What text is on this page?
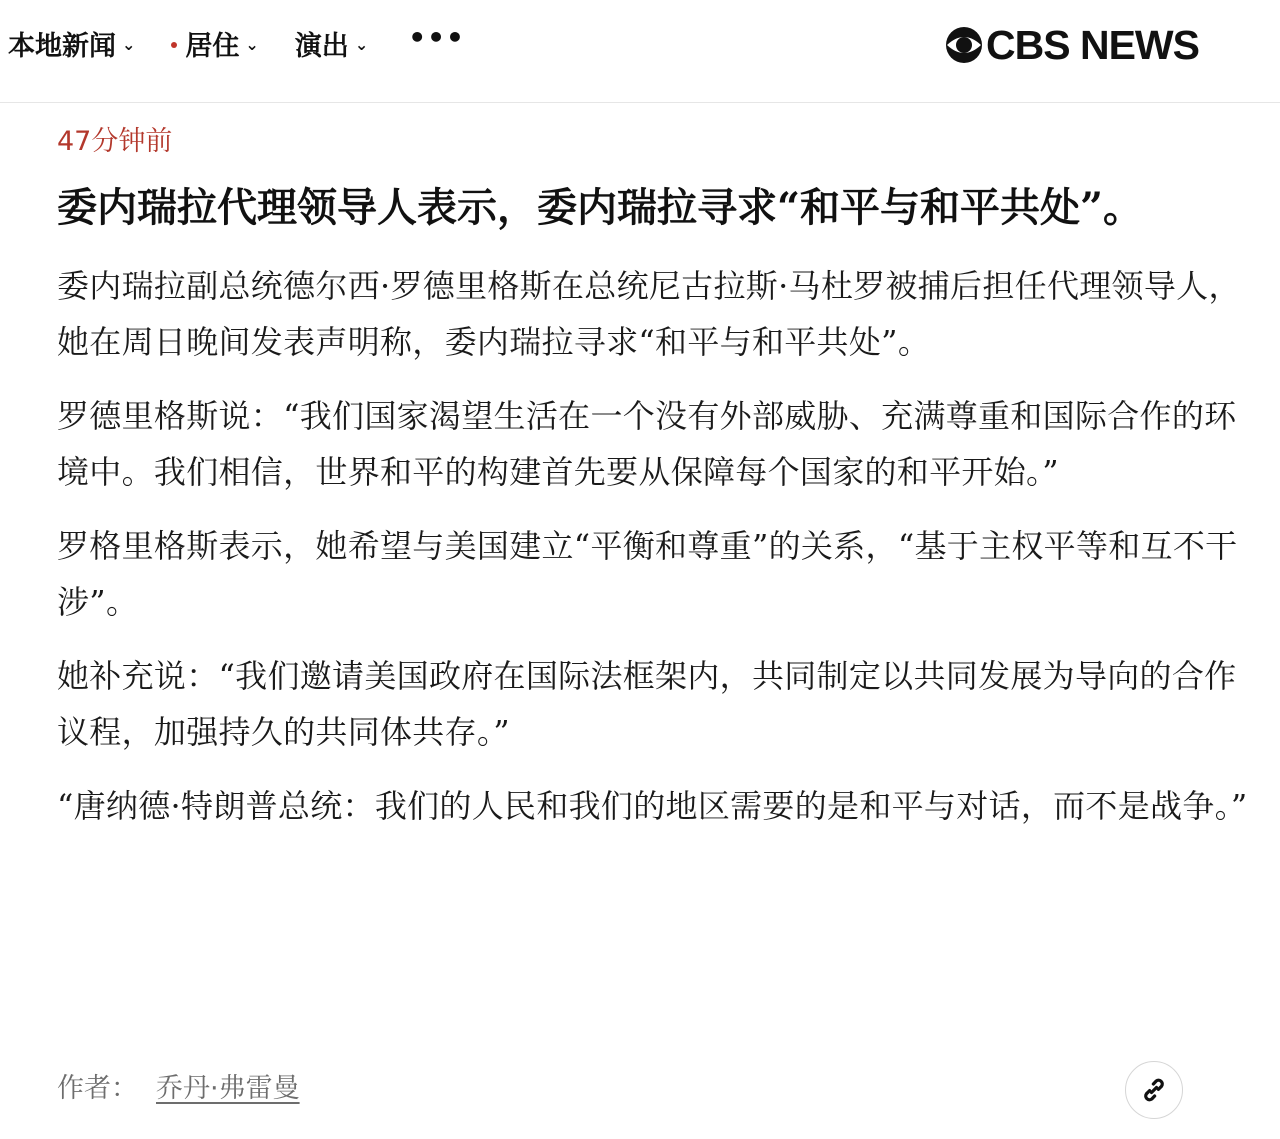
本地新闻 ⌄ 居住 ⌄ 演出 ⌄ •••	CBS NEWS

47分钟前

委内瑞拉代理领导人表示，委内瑞拉寻求“和平与和平共处”。

委内瑞拉副总统德尔西·罗德里格斯在总统尼古拉斯·马杜罗被捕后担任代理领导人，她在周日晚间发表声明称，委内瑞拉寻求“和平与和平共处”。

罗德里格斯说：“我们国家渴望生活在一个没有外部威胁、充满尊重和国际合作的环境中。我们相信，世界和平的构建首先要从保障每个国家的和平开始。”

罗格里格斯表示，她希望与美国建立“平衡和尊重”的关系，“基于主权平等和互不干涉”。

她补充说：“我们邀请美国政府在国际法框架内，共同制定以共同发展为导向的合作议程，加强持久的共同体共存。”

“唐纳德·特朗普总统：我们的人民和我们的地区需要的是和平与对话，而不是战争。”

作者： 乔丹·弗雷曼
